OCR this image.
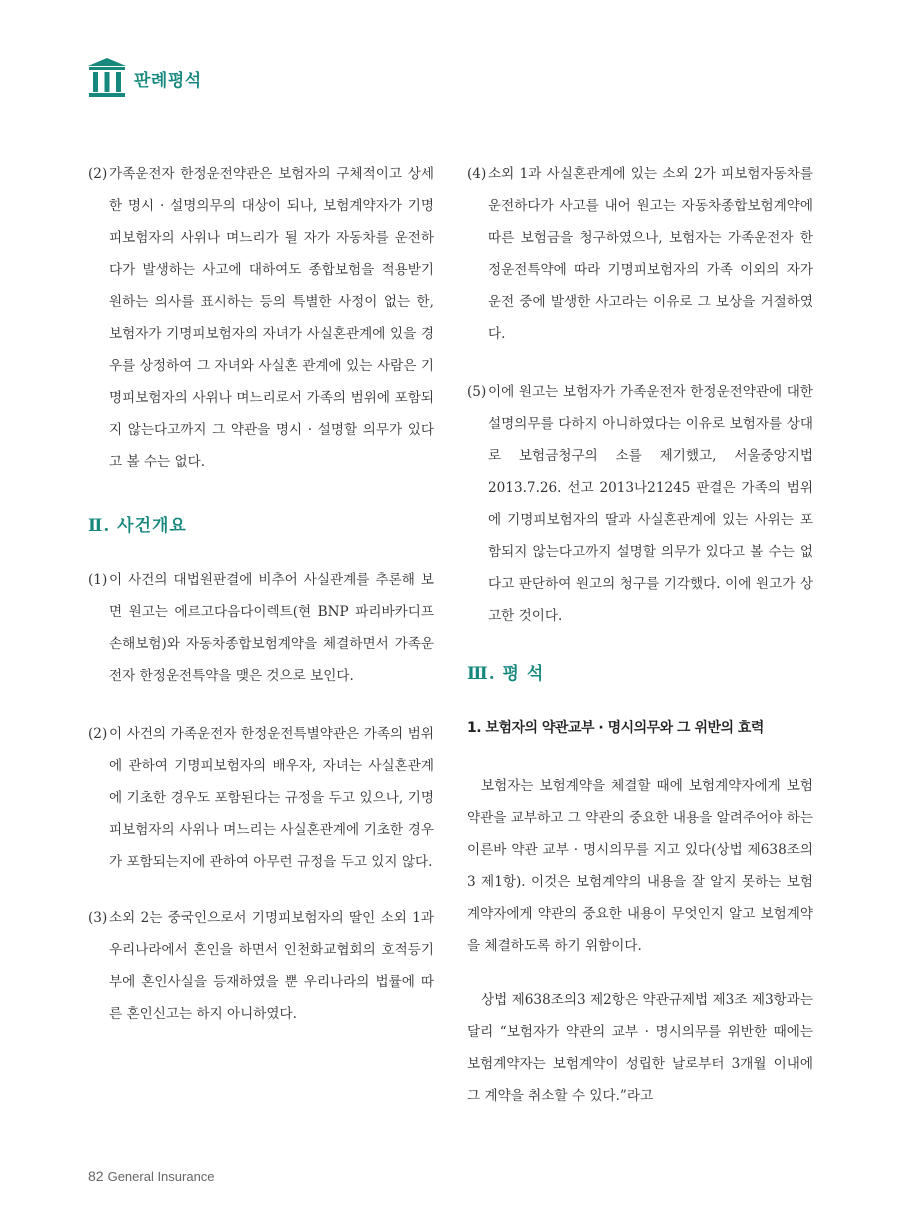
판례평석
(2) 가족운전자 한정운전약관은 보험자의 구체적이고 상세한 명시 · 설명의무의 대상이 되나, 보험계약자가 기명피보험자의 사위나 며느리가 될 자가 자동차를 운전하다가 발생하는 사고에 대하여도 종합보험을 적용받기 원하는 의사를 표시하는 등의 특별한 사정이 없는 한, 보험자가 기명피보험자의 자녀가 사실혼관계에 있을 경우를 상정하여 그 자녀와 사실혼 관계에 있는 사람은 기명피보험자의 사위나 며느리로서 가족의 범위에 포함되지 않는다고까지 그 약관을 명시 · 설명할 의무가 있다고 볼 수는 없다.
Ⅱ. 사건개요
(1) 이 사건의 대법원판결에 비추어 사실관계를 추론해 보면 원고는 에르고다음다이렉트(현 BNP 파리바카디프 손해보험)와 자동차종합보험계약을 체결하면서 가족운전자 한정운전특약을 맺은 것으로 보인다.
(2) 이 사건의 가족운전자 한정운전특별약관은 가족의 범위에 관하여 기명피보험자의 배우자, 자녀는 사실혼관계에 기초한 경우도 포함된다는 규정을 두고 있으나, 기명피보험자의 사위나 며느리는 사실혼관계에 기초한 경우가 포함되는지에 관하여 아무런 규정을 두고 있지 않다.
(3) 소외 2는 중국인으로서 기명피보험자의 딸인 소외 1과 우리나라에서 혼인을 하면서 인천화교협회의 호적등기부에 혼인사실을 등재하였을 뿐 우리나라의 법률에 따른 혼인신고는 하지 아니하였다.
(4) 소외 1과 사실혼관계에 있는 소외 2가 피보험자동차를 운전하다가 사고를 내어 원고는 자동차종합보험계약에 따른 보험금을 청구하였으나, 보험자는 가족운전자 한정운전특약에 따라 기명피보험자의 가족 이외의 자가 운전 중에 발생한 사고라는 이유로 그 보상을 거절하였다.
(5) 이에 원고는 보험자가 가족운전자 한정운전약관에 대한 설명의무를 다하지 아니하였다는 이유로 보험자를 상대로 보험금청구의 소를 제기했고, 서울중앙지법 2013.7.26. 선고 2013나21245 판결은 가족의 범위에 기명피보험자의 딸과 사실혼관계에 있는 사위는 포함되지 않는다고까지 설명할 의무가 있다고 볼 수는 없다고 판단하여 원고의 청구를 기각했다. 이에 원고가 상고한 것이다.
Ⅲ. 평 석
1. 보험자의 약관교부 · 명시의무와 그 위반의 효력
보험자는 보험계약을 체결할 때에 보험계약자에게 보험약관을 교부하고 그 약관의 중요한 내용을 알려주어야 하는 이른바 약관 교부 · 명시의무를 지고 있다(상법 제638조의3 제1항). 이것은 보험계약의 내용을 잘 알지 못하는 보험계약자에게 약관의 중요한 내용이 무엇인지 알고 보험계약을 체결하도록 하기 위함이다.
상법 제638조의3 제2항은 약관규제법 제3조 제3항과는 달리 “보험자가 약관의 교부 · 명시의무를 위반한 때에는 보험계약자는 보험계약이 성립한 날로부터 3개월 이내에 그 계약을 취소할 수 있다.”라고
82 General Insurance
